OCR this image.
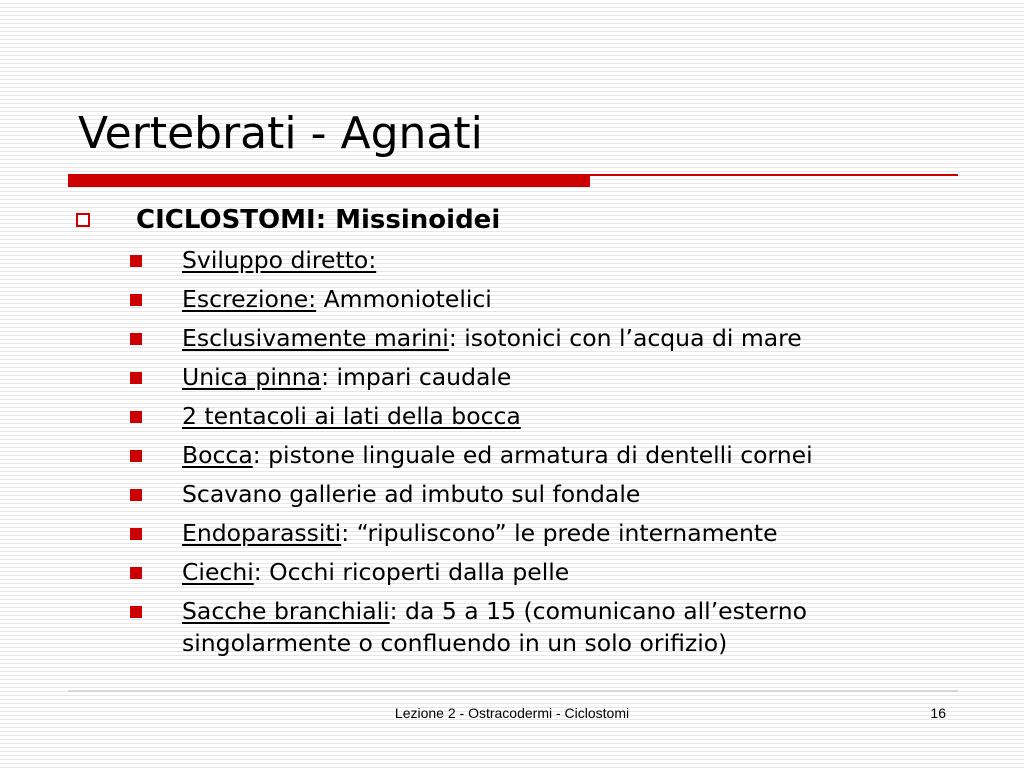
Vertebrati - Agnati
CICLOSTOMI: Missinoidei
Sviluppo diretto:
Escrezione: Ammoniotelici
Esclusivamente marini: isotonici con l’acqua di mare
Unica pinna: impari caudale
2 tentacoli ai lati della bocca
Bocca: pistone linguale ed armatura di dentelli cornei
Scavano gallerie ad imbuto sul fondale
Endoparassiti: “ripuliscono” le prede internamente
Ciechi: Occhi ricoperti dalla pelle
Sacche branchiali: da 5 a 15 (comunicano all’esterno singolarmente o confluendo in un solo orifizio)
Lezione 2 - Ostracodermi - Ciclostomi	16
